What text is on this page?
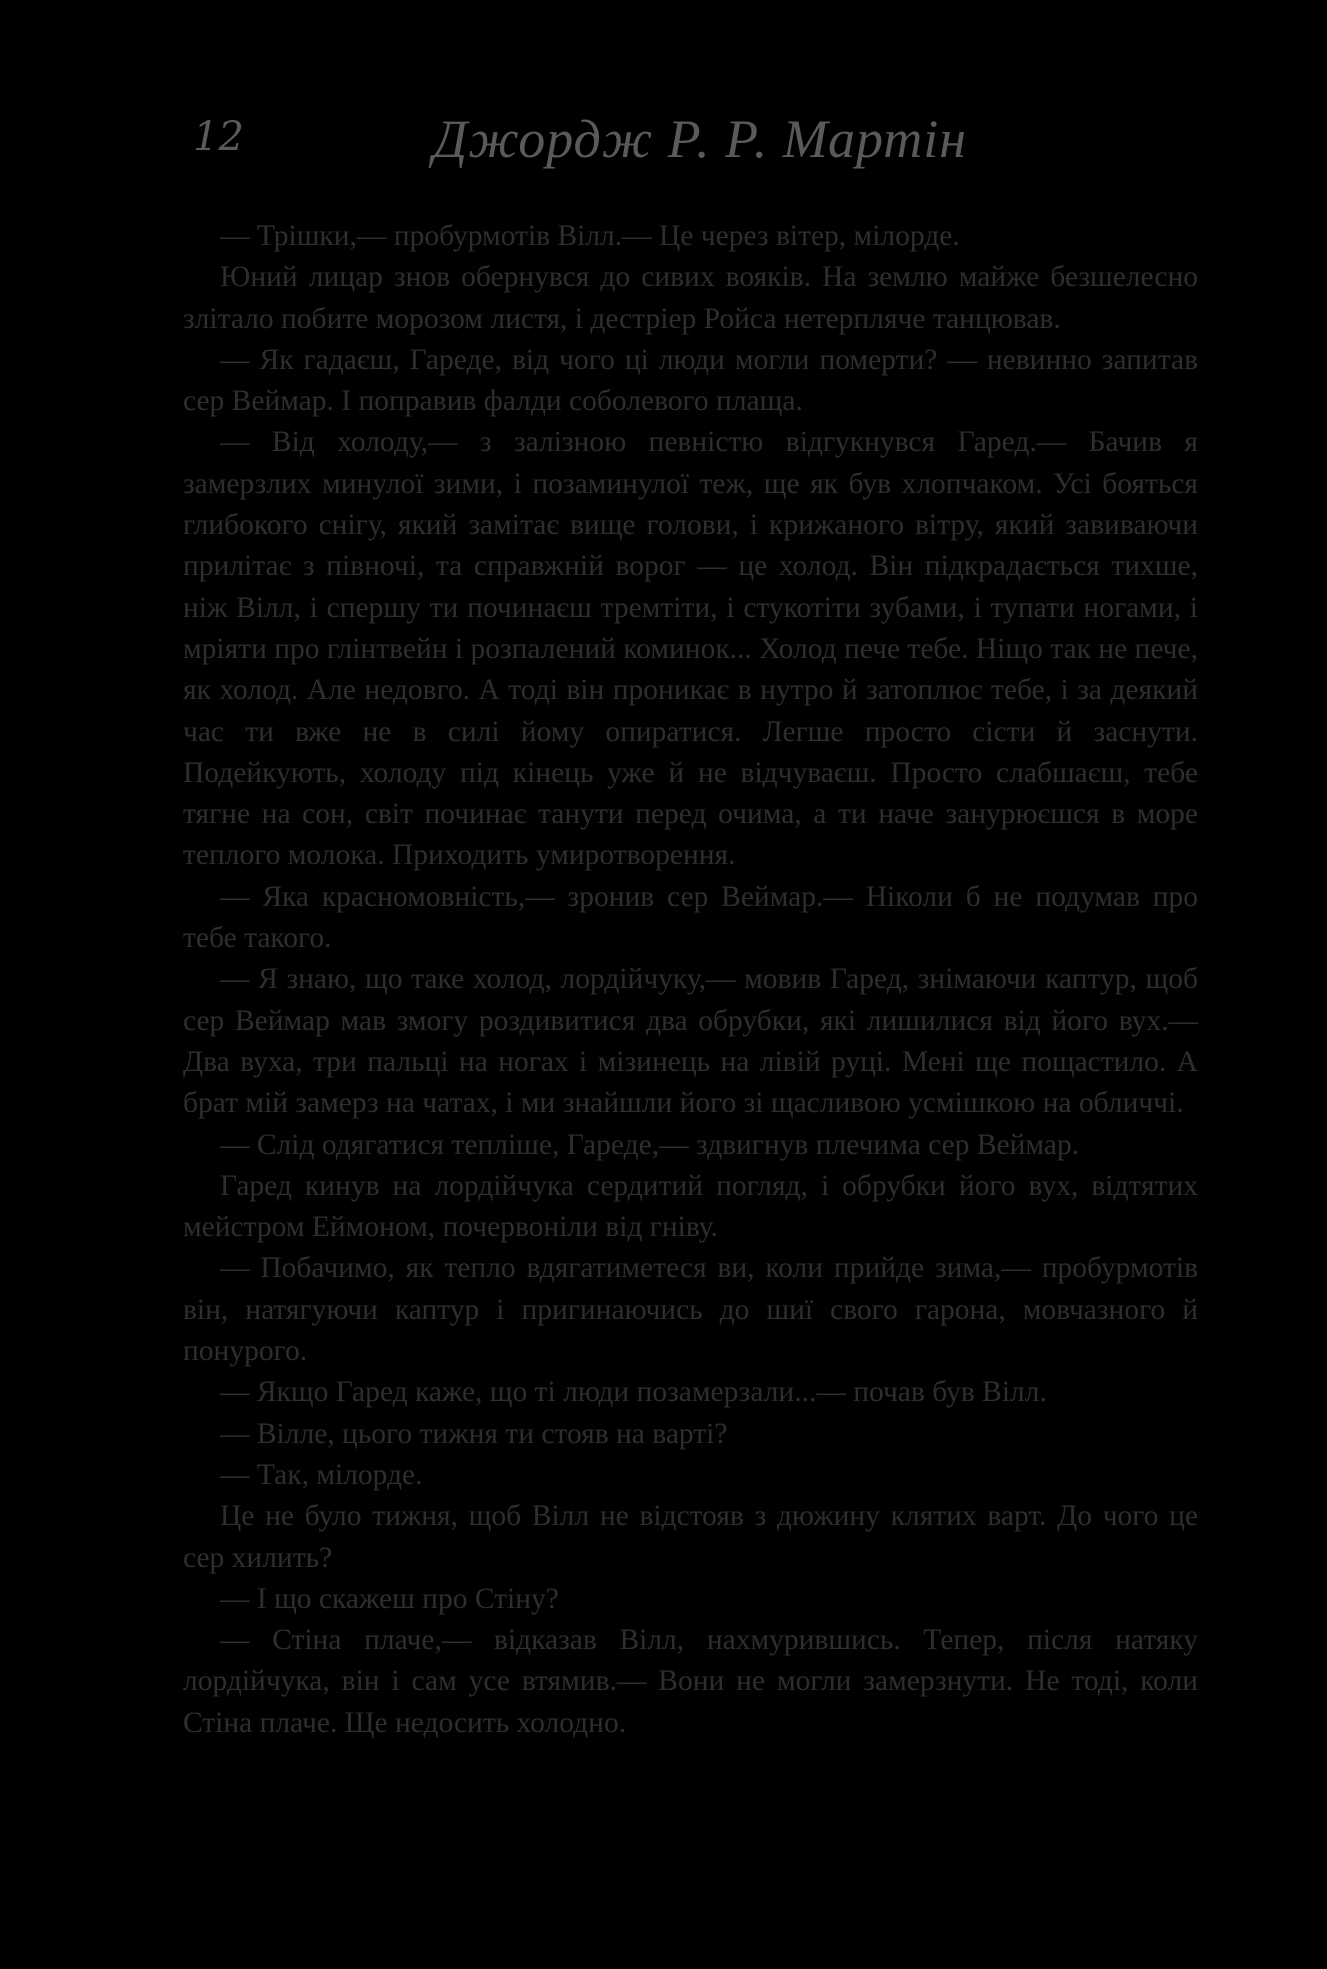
12	Джордж Р. Р. Мартін

— Трішки,— пробурмотів Вілл.— Це через вітер, мілорде.

Юний лицар знов обернувся до сивих вояків. На землю майже безшелесно злітало побите морозом листя, і дестріер Ройса нетерпляче танцював.

— Як гадаєш, Гареде, від чого ці люди могли померти? — невинно запитав сер Веймар. І поправив фалди соболевого плаща.

— Від холоду,— з залізною певністю відгукнувся Гаред.— Бачив я замерзлих минулої зими, і позаминулої теж, ще як був хлопчаком. Усі бояться глибокого снігу, який замітає вище голови, і крижаного вітру, який завиваючи прилітає з півночі, та справжній ворог — це холод. Він підкрадається тихше, ніж Вілл, і спершу ти починаєш тремтіти, і стукотіти зубами, і тупати ногами, і мріяти про глінтвейн і розпалений коминок... Холод пече тебе. Ніщо так не пече, як холод. Але недовго. А тоді він проникає в нутро й затоплює тебе, і за деякий час ти вже не в силі йому опиратися. Легше просто сісти й заснути. Подейкують, холоду під кінець уже й не відчуваєш. Просто слабшаєш, тебе тягне на сон, світ починає танути перед очима, а ти наче занурюєшся в море теплого молока. Приходить умиротворення.

— Яка красномовність,— зронив сер Веймар.— Ніколи б не подумав про тебе такого.

— Я знаю, що таке холод, лордійчуку,— мовив Гаред, знімаючи каптур, щоб сер Веймар мав змогу роздивитися два обрубки, які лишилися від його вух.— Два вуха, три пальці на ногах і мізинець на лівій руці. Мені ще пощастило. А брат мій замерз на чатах, і ми знайшли його зі щасливою усмішкою на обличчі.

— Слід одягатися тепліше, Гареде,— здвигнув плечима сер Веймар.

Гаред кинув на лордійчука сердитий погляд, і обрубки його вух, відтятих мейстром Еймоном, почервоніли від гніву.

— Побачимо, як тепло вдягатиметеся ви, коли прийде зима,— пробурмотів він, натягуючи каптур і пригинаючись до шиї свого гарона, мовчазного й понурого.

— Якщо Гаред каже, що ті люди позамерзали...— почав був Вілл.

— Вілле, цього тижня ти стояв на варті?

— Так, мілорде.

Це не було тижня, щоб Вілл не відстояв з дюжину клятих варт. До чого це сер хилить?

— І що скажеш про Стіну?

— Стіна плаче,— відказав Вілл, нахмурившись. Тепер, після натяку лордійчука, він і сам усе втямив.— Вони не могли замерзнути. Не тоді, коли Стіна плаче. Ще недосить холодно.
